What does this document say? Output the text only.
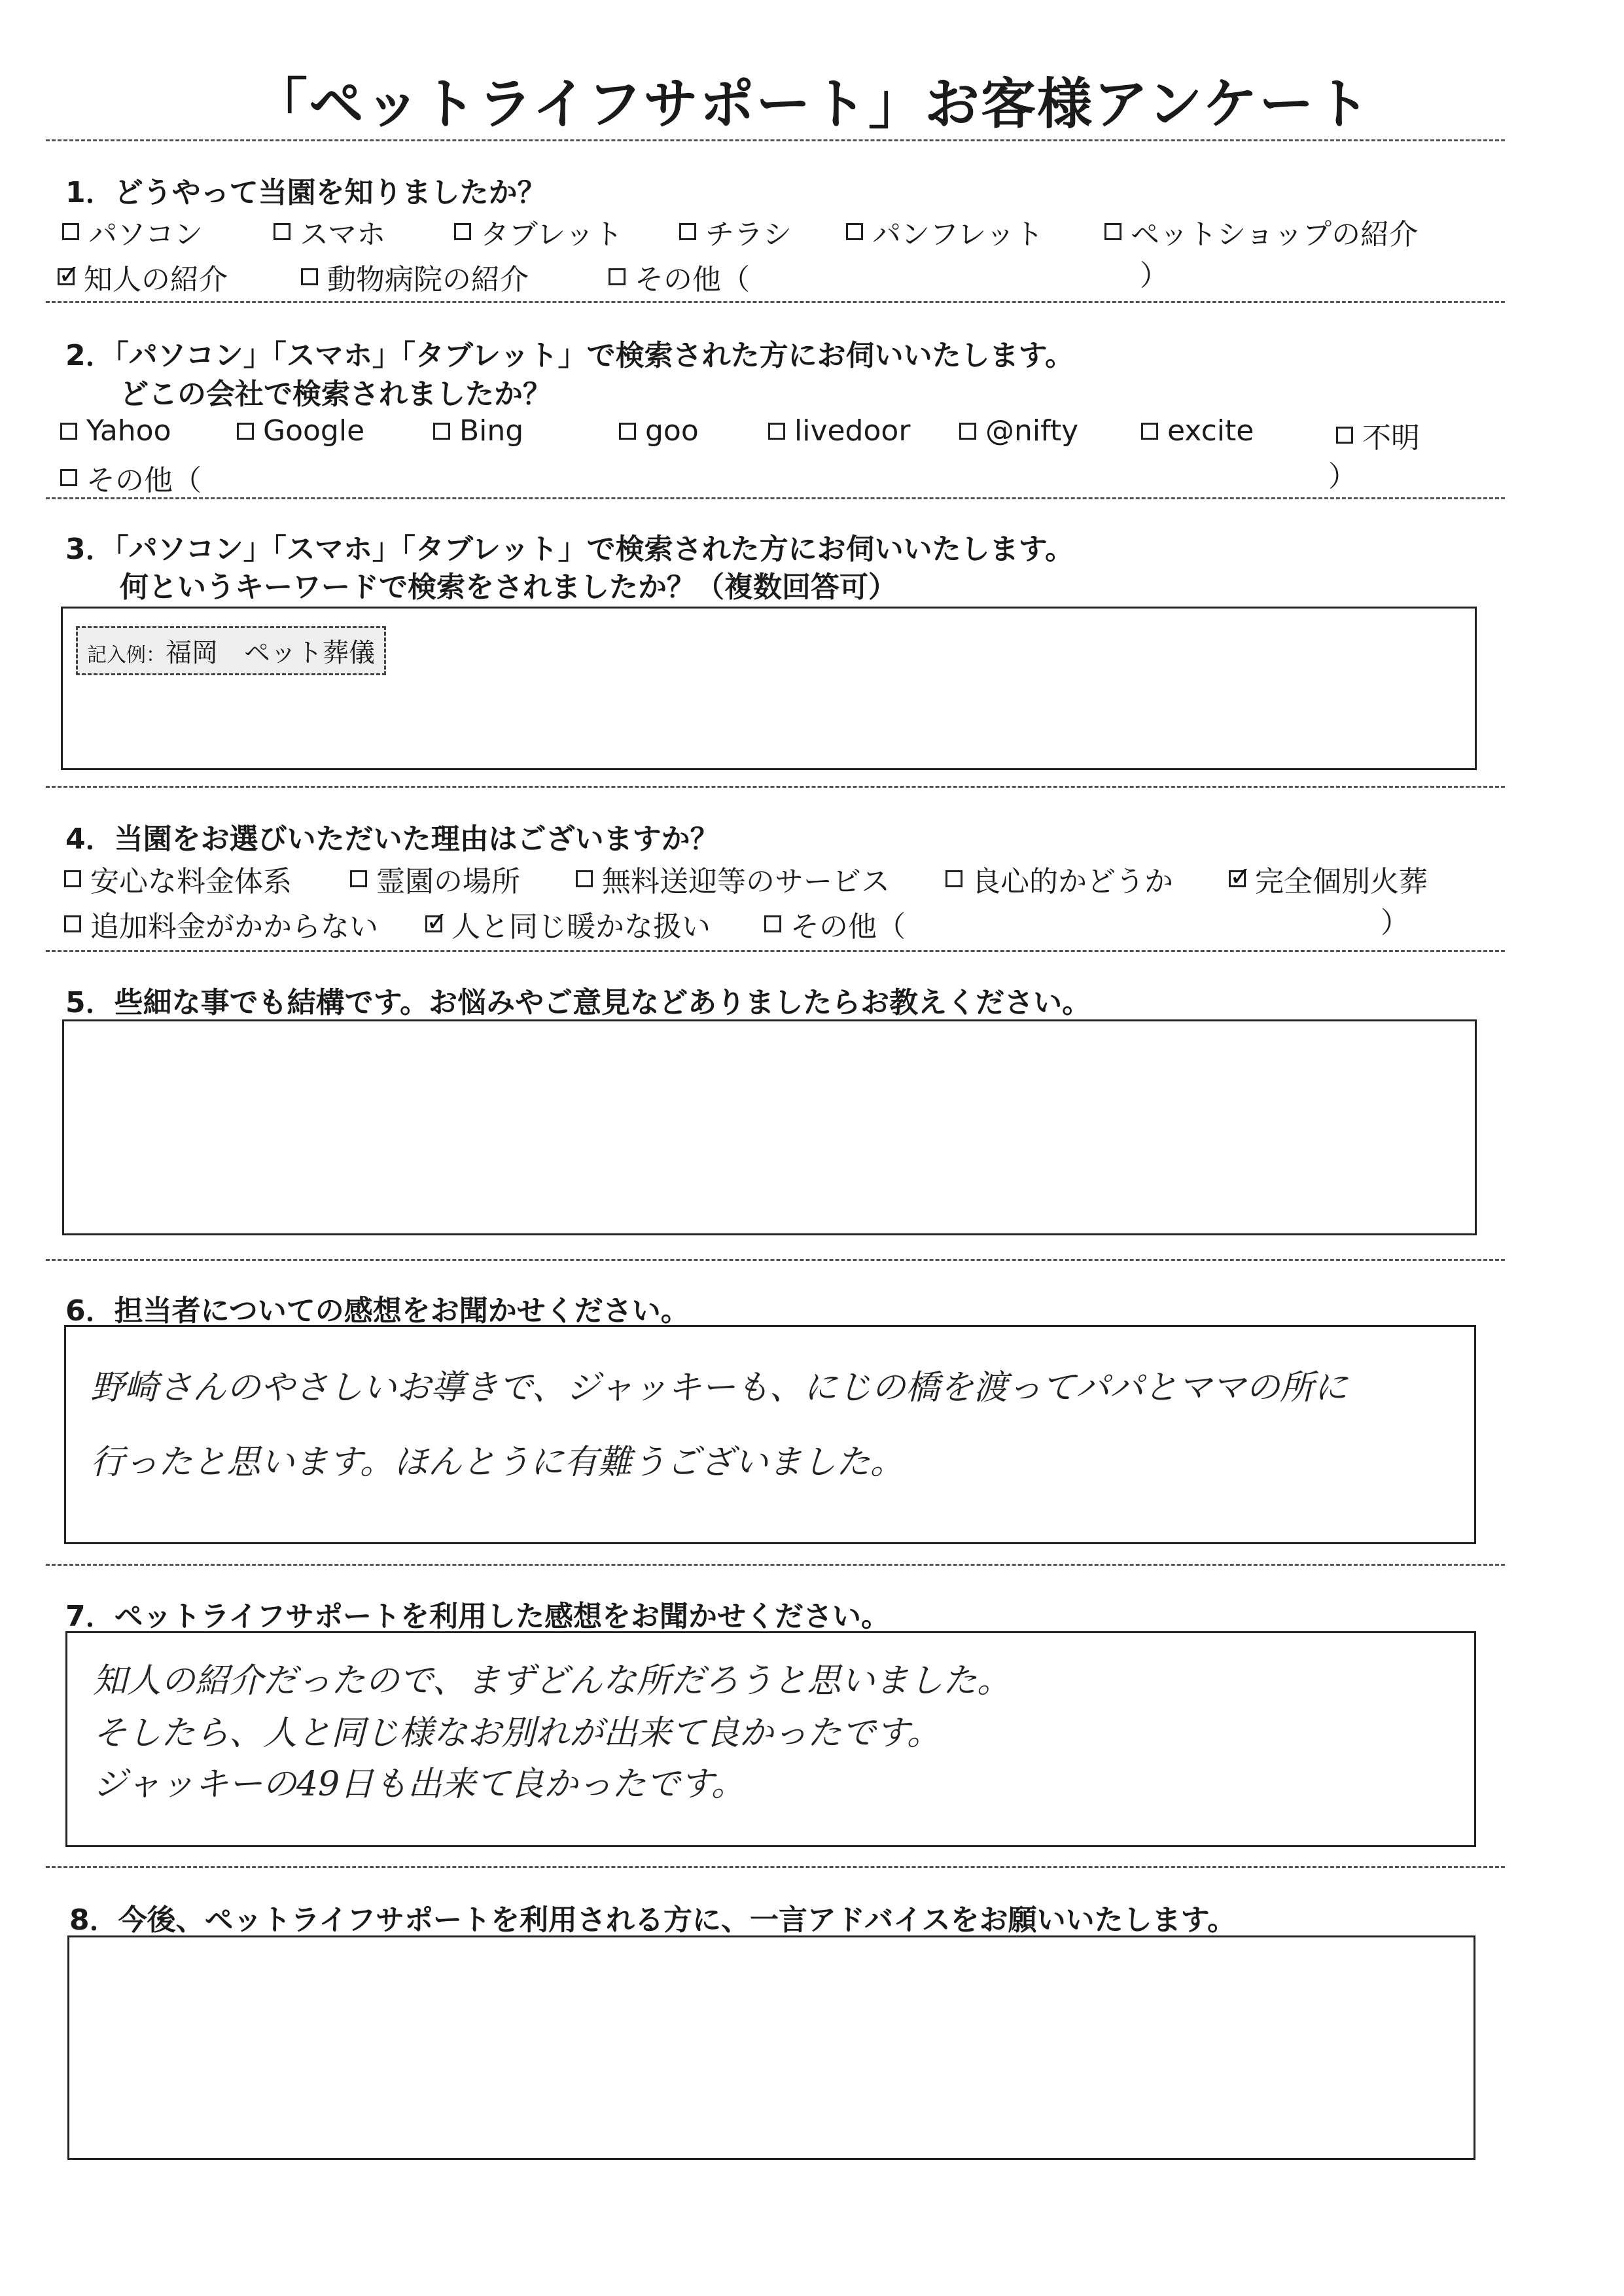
「ペットライフサポート」お客様アンケート
1．どうやって当園を知りましたか？
パソコン	スマホ	タブレット	チラシ	パンフレット	ペットショップの紹介
✓
知人の紹介	動物病院の紹介	その他（	）
2．「パソコン」「スマホ」「タブレット」で検索された方にお伺いいたします。
どこの会社で検索されましたか？
Yahoo	Google	Bing	goo	livedoor	@nifty	excite	不明
その他（	）
3．「パソコン」「スマホ」「タブレット」で検索された方にお伺いいたします。
何というキーワードで検索をされましたか？（複数回答可）
記入例：福岡　ペット葬儀
4．当園をお選びいただいた理由はございますか？
安心な料金体系	霊園の場所	無料送迎等のサービス	良心的かどうか ✓	完全個別火葬
追加料金がかからない ✓	人と同じ暖かな扱い	その他（	）
5．些細な事でも結構です。お悩みやご意見などありましたらお教えください。
6．担当者についての感想をお聞かせください。
野崎さんのやさしいお導きで、ジャッキーも、にじの橋を渡ってパパとママの所に
行ったと思います。ほんとうに有難うございました。
7．ペットライフサポートを利用した感想をお聞かせください。
知人の紹介だったので、まずどんな所だろうと思いました。
そしたら、人と同じ様なお別れが出来て良かったです。
ジャッキーの49日も出来て良かったです。
8．今後、ペットライフサポートを利用される方に、一言アドバイスをお願いいたします。
